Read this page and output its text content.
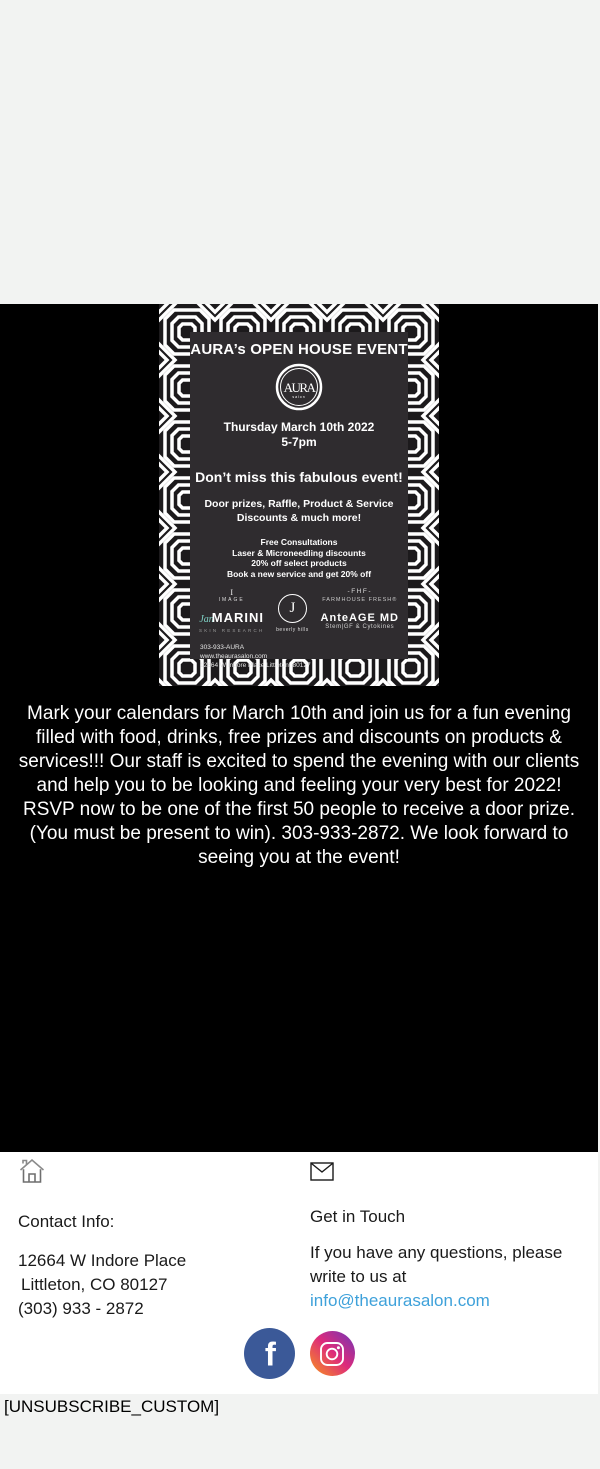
AURA’s OPEN HOUSE EVENT
AURA
salon
Thursday March 10th 2022
5-7pm
Don’t miss this fabulous event!
Door prizes, Raffle, Product & Service
Discounts & much more!
Free Consultations
Laser & Microneedling discounts
20% off select products
Book a new service and get 20% off
I
IMAGE
JanMARINI
SKIN RESEARCH
J
beverly hills
-FHF-
FARMHOUSE FRESH®
AnteAGE MD
Stem|GF & Cytokines
303-933-AURA
www.theaurasalon.com
12664 W Indore Place Littleton, 80127
Mark your calendars for March 10th and join us for a fun evening filled with food, drinks, free prizes and discounts on products & services!!! Our staff is excited to spend the evening with our clients and help you to be looking and feeling your very best for 2022! RSVP now to be one of the first 50 people to receive a door prize. (You must be present to win). 303-933-2872. We look forward to seeing you at the event!
Contact Info:
12664 W Indore Place
Littleton, CO 80127
(303) 933 - 2872
Get in Touch
If you have any questions, please write to us at info@theaurasalon.com
f
[UNSUBSCRIBE_CUSTOM]
